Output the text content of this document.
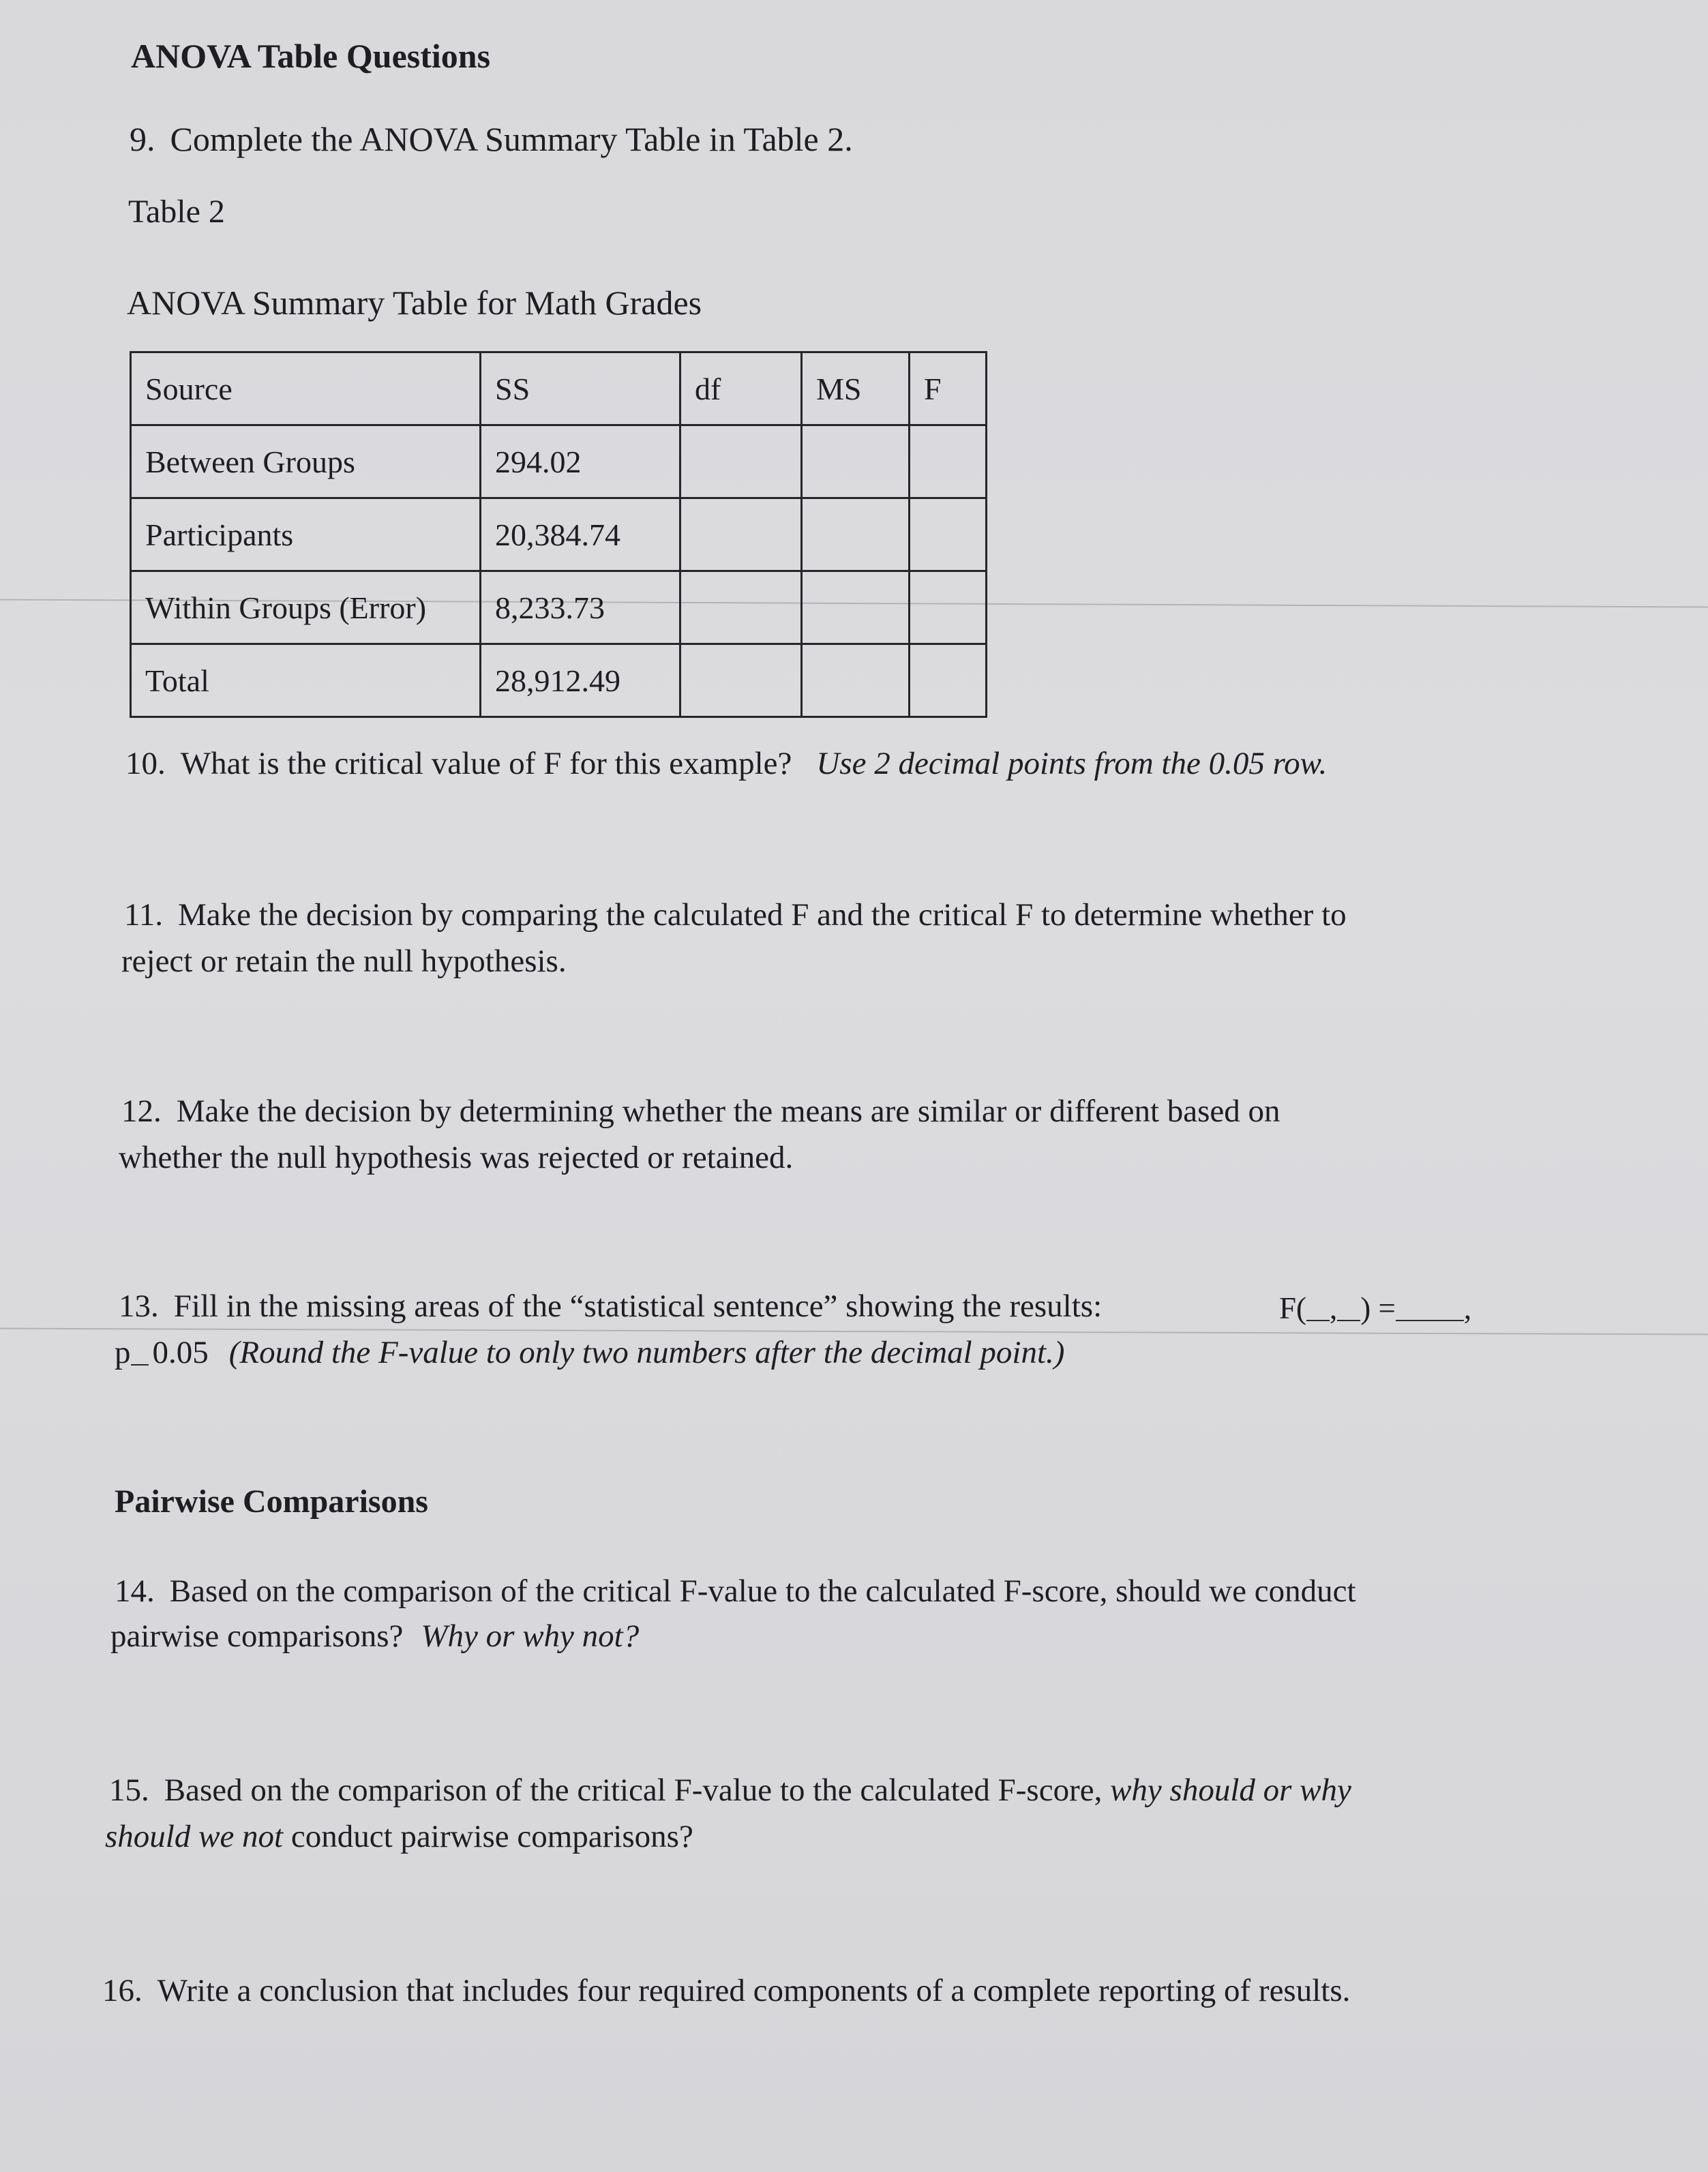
ANOVA Table Questions
9. Complete the ANOVA Summary Table in Table 2.
Table 2
ANOVA Summary Table for Math Grades
Source	SS	df	MS	F
Between Groups	294.02			
Participants	20,384.74			
Within Groups (Error)	8,233.73			
Total	28,912.49			
10. What is the critical value of F for this example? Use 2 decimal points from the 0.05 row.
11. Make the decision by comparing the calculated F and the critical F to determine whether to
reject or retain the null hypothesis.
12. Make the decision by determining whether the means are similar or different based on
whether the null hypothesis was rejected or retained.
13. Fill in the missing areas of the “statistical sentence” showing the results:	F( , ) = ,
p 0.05 (Round the F-value to only two numbers after the decimal point.)
Pairwise Comparisons
14. Based on the comparison of the critical F-value to the calculated F-score, should we conduct
pairwise comparisons? Why or why not?
15. Based on the comparison of the critical F-value to the calculated F-score, why should or why
should we not conduct pairwise comparisons?
16. Write a conclusion that includes four required components of a complete reporting of results.
